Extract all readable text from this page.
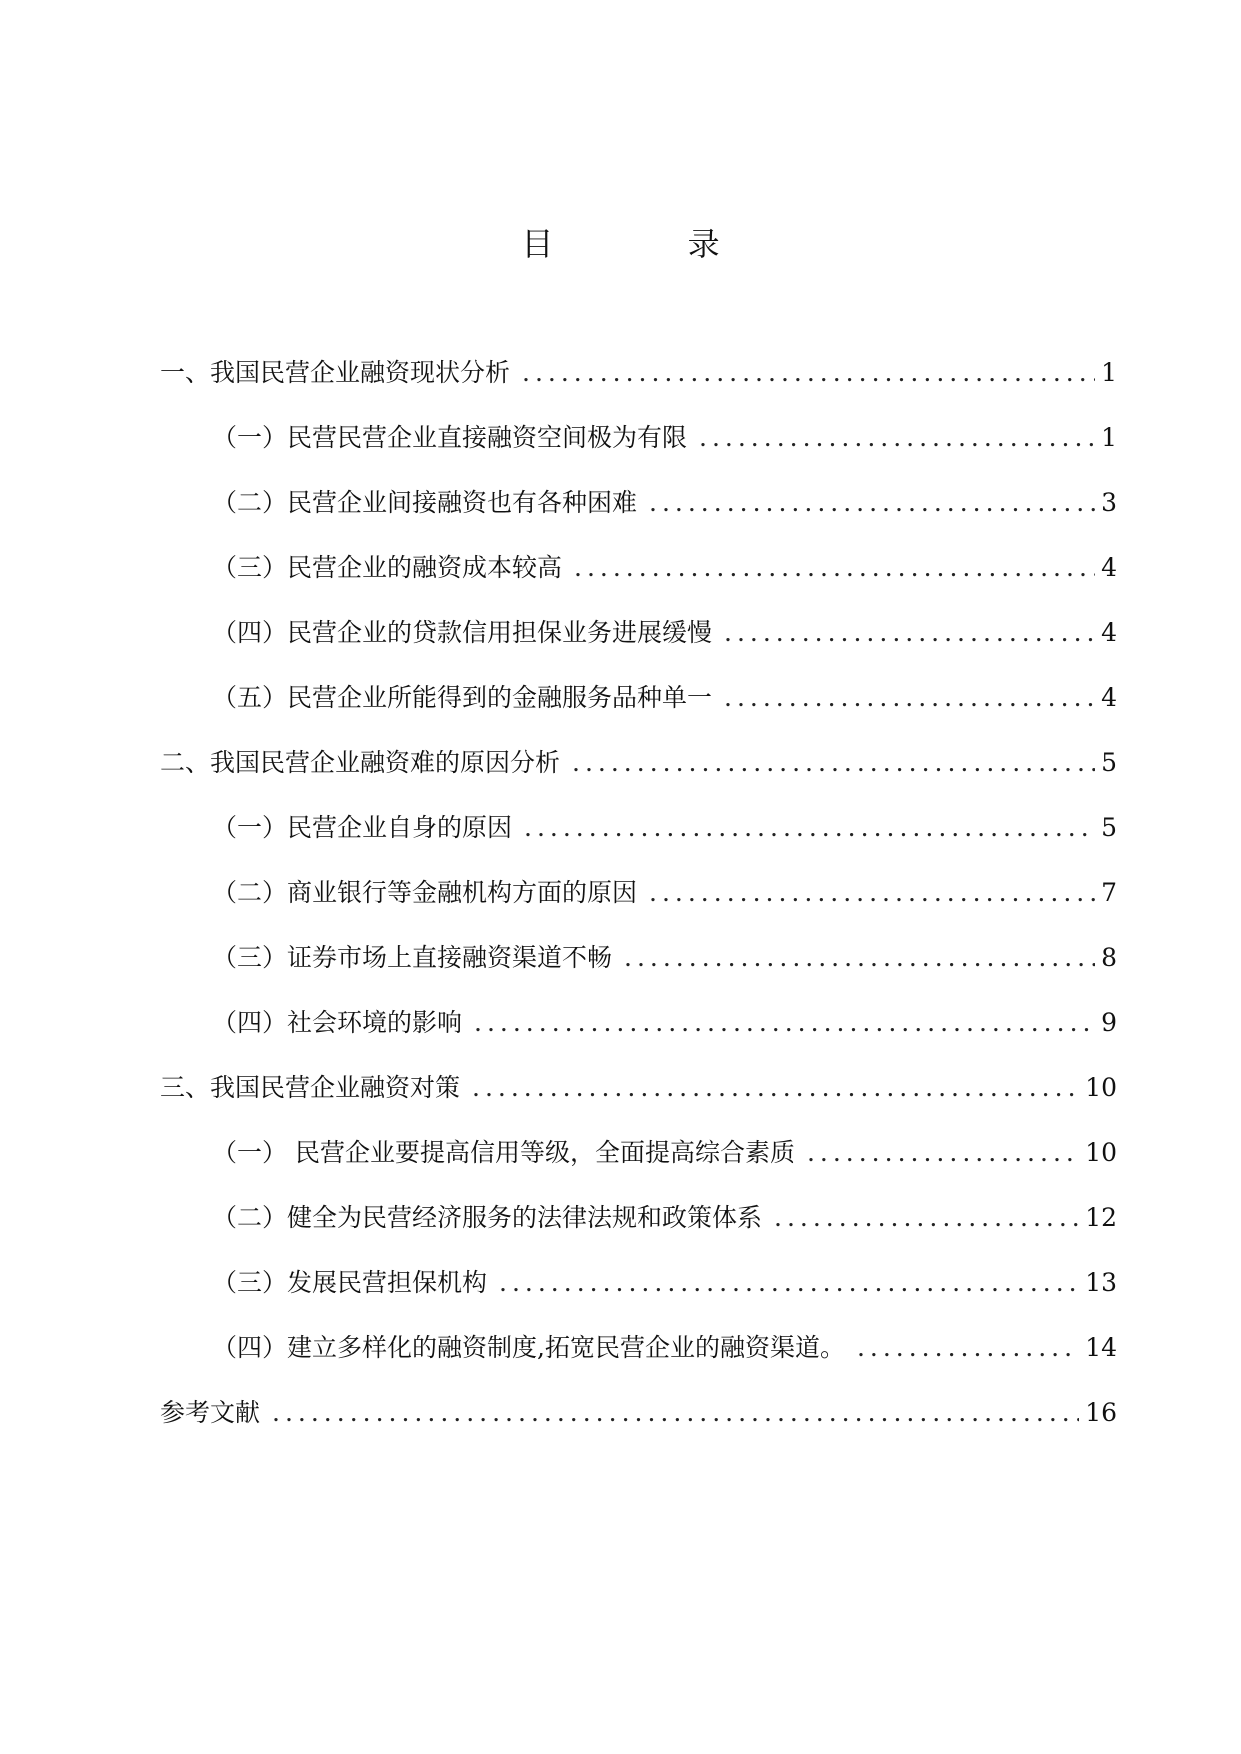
目 录
一、我国民营企业融资现状分析 .....	1
（一）民营民营企业直接融资空间极为有限 .....	1
（二）民营企业间接融资也有各种困难 .....	3
（三）民营企业的融资成本较高 .....	4
（四）民营企业的贷款信用担保业务进展缓慢 .....	4
（五）民营企业所能得到的金融服务品种单一 .....	4
二、我国民营企业融资难的原因分析 .....	5
（一）民营企业自身的原因 .....	5
（二）商业银行等金融机构方面的原因 .....	7
（三）证券市场上直接融资渠道不畅 .....	8
（四）社会环境的影响 .....	9
三、我国民营企业融资对策 .....	10
（一） 民营企业要提高信用等级，全面提高综合素质 .....	10
（二）健全为民营经济服务的法律法规和政策体系 .....	12
（三）发展民营担保机构 .....	13
（四）建立多样化的融资制度,拓宽民营企业的融资渠道。 .....	14
参考文献 .....	16
